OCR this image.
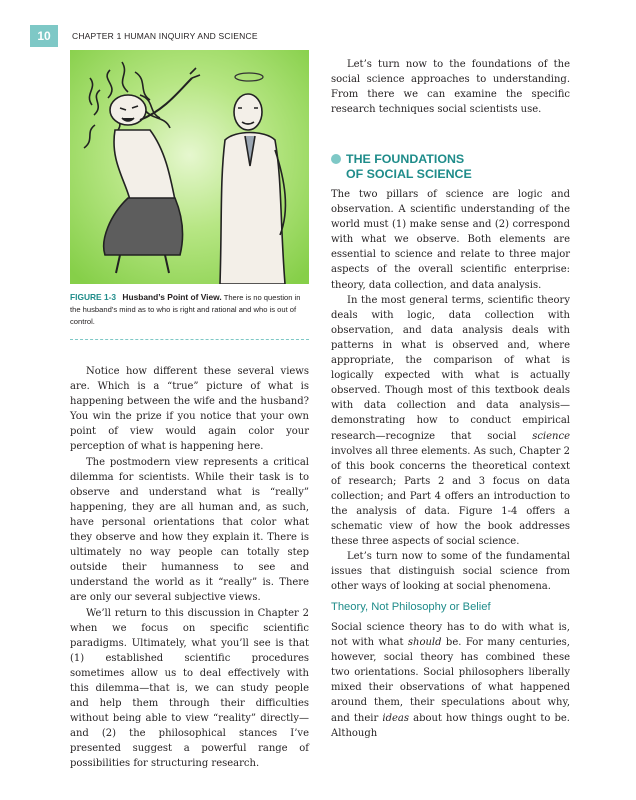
10	CHAPTER 1 HUMAN INQUIRY AND SCIENCE
FIGURE 1-3 Husband’s Point of View. There is no question in the husband’s mind as to who is right and rational and who is out of control.

Notice how different these several views are. Which is a “true” picture of what is happening between the wife and the husband? You win the prize if you notice that your own point of view would again color your perception of what is happening here.

The postmodern view represents a critical dilemma for scientists. While their task is to observe and understand what is “really” happening, they are all human and, as such, have personal orientations that color what they observe and how they explain it. There is ultimately no way people can totally step outside their humanness to see and understand the world as it “really” is. There are only our several subjective views.

We’ll return to this discussion in Chapter 2 when we focus on specific scientific paradigms. Ultimately, what you’ll see is that (1) established scientific procedures sometimes allow us to deal effectively with this dilemma—that is, we can study people and help them through their difficulties without being able to view “reality” directly—and (2) the philosophical stances I’ve presented suggest a powerful range of possibilities for structuring research.

Let’s turn now to the foundations of the social science approaches to understanding. From there we can examine the specific research techniques social scientists use.

THE FOUNDATIONS
OF SOCIAL SCIENCE

The two pillars of science are logic and observation. A scientific understanding of the world must (1) make sense and (2) correspond with what we observe. Both elements are essential to science and relate to three major aspects of the overall scientific enterprise: theory, data collection, and data analysis.

In the most general terms, scientific theory deals with logic, data collection with observation, and data analysis deals with patterns in what is observed and, where appropriate, the comparison of what is logically expected with what is actually observed. Though most of this textbook deals with data collection and data analysis—demonstrating how to conduct empirical research—recognize that social science involves all three elements. As such, Chapter 2 of this book concerns the theoretical context of research; Parts 2 and 3 focus on data collection; and Part 4 offers an introduction to the analysis of data. Figure 1-4 offers a schematic view of how the book addresses these three aspects of social science.

Let’s turn now to some of the fundamental issues that distinguish social science from other ways of looking at social phenomena.

Theory, Not Philosophy or Belief

Social science theory has to do with what is, not with what should be. For many centuries, however, social theory has combined these two orientations. Social philosophers liberally mixed their observations of what happened around them, their speculations about why, and their ideas about how things ought to be. Although
